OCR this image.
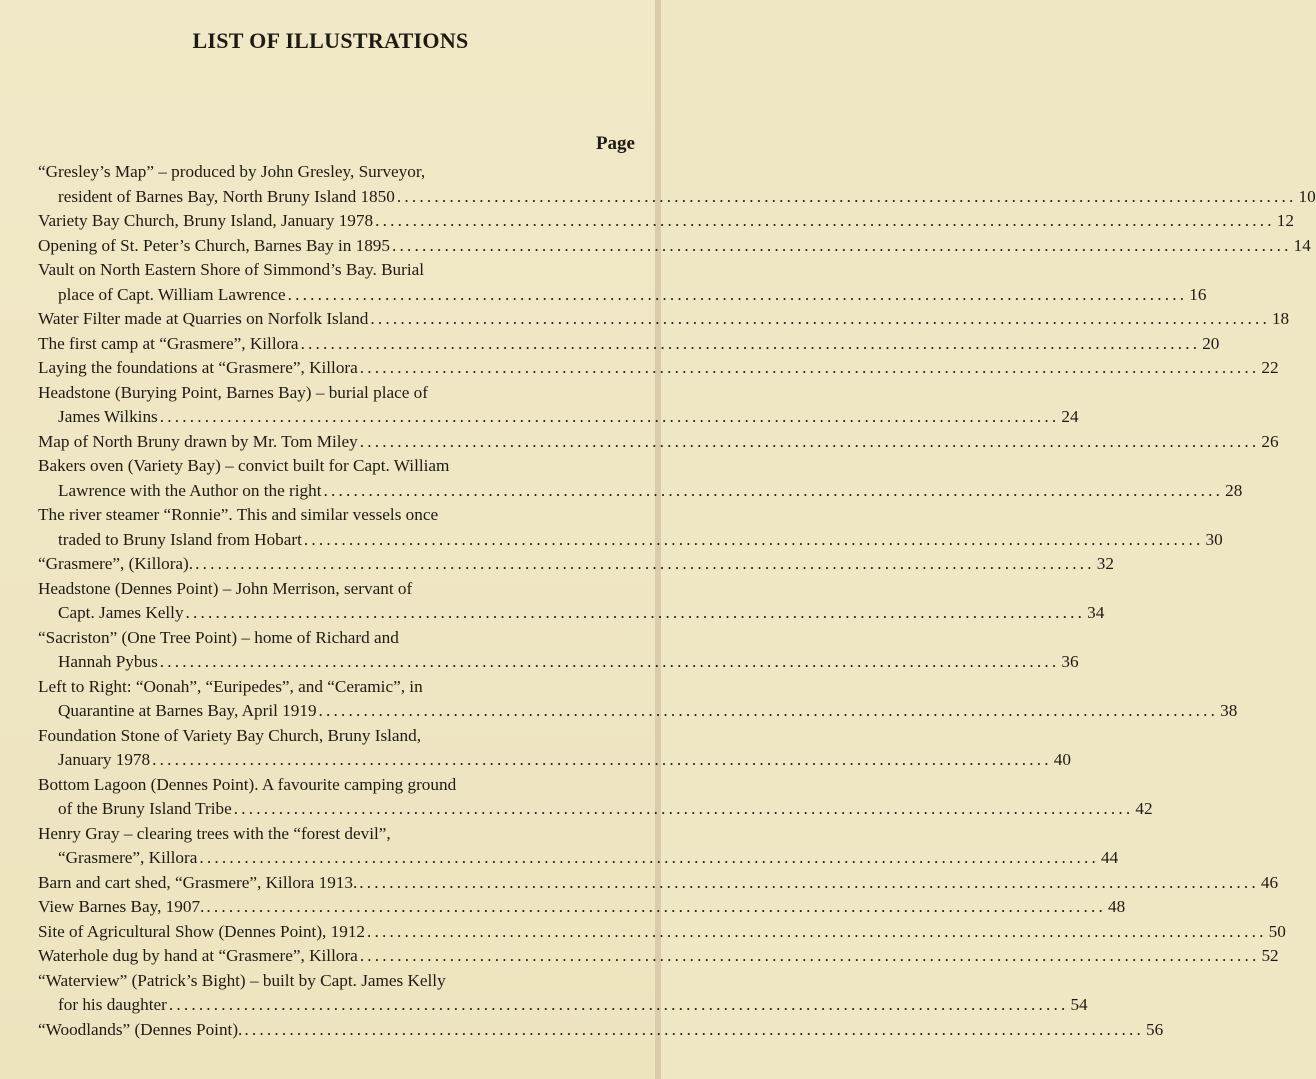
LIST OF ILLUSTRATIONS
Page
“Gresley’s Map” – produced by John Gresley, Surveyor,
resident of Barnes Bay, North Bruny Island 1850 ........................................................................................................................ 10
Variety Bay Church, Bruny Island, January 1978 ........................................................................................................................ 12
Opening of St. Peter’s Church, Barnes Bay in 1895 ........................................................................................................................ 14
Vault on North Eastern Shore of Simmond’s Bay. Burial
place of Capt. William Lawrence ........................................................................................................................ 16
Water Filter made at Quarries on Norfolk Island ........................................................................................................................ 18
The first camp at “Grasmere”, Killora ........................................................................................................................ 20
Laying the foundations at “Grasmere”, Killora ........................................................................................................................ 22
Headstone (Burying Point, Barnes Bay) – burial place of
James Wilkins ........................................................................................................................ 24
Map of North Bruny drawn by Mr. Tom Miley ........................................................................................................................ 26
Bakers oven (Variety Bay) – convict built for Capt. William
Lawrence with the Author on the right ........................................................................................................................ 28
The river steamer “Ronnie”. This and similar vessels once
traded to Bruny Island from Hobart ........................................................................................................................ 30
“Grasmere”, (Killora). ........................................................................................................................ 32
Headstone (Dennes Point) – John Merrison, servant of
Capt. James Kelly ........................................................................................................................ 34
“Sacriston” (One Tree Point) – home of Richard and
Hannah Pybus ........................................................................................................................ 36
Left to Right: “Oonah”, “Euripedes”, and “Ceramic”, in
Quarantine at Barnes Bay, April 1919 ........................................................................................................................ 38
Foundation Stone of Variety Bay Church, Bruny Island,
January 1978 ........................................................................................................................ 40
Bottom Lagoon (Dennes Point). A favourite camping ground
of the Bruny Island Tribe ........................................................................................................................ 42
Henry Gray – clearing trees with the “forest devil”,
“Grasmere”, Killora ........................................................................................................................ 44
Barn and cart shed, “Grasmere”, Killora 1913. ........................................................................................................................ 46
View Barnes Bay, 1907. ........................................................................................................................ 48
Site of Agricultural Show (Dennes Point), 1912 ........................................................................................................................ 50
Waterhole dug by hand at “Grasmere”, Killora ........................................................................................................................ 52
“Waterview” (Patrick’s Bight) – built by Capt. James Kelly
for his daughter ........................................................................................................................ 54
“Woodlands” (Dennes Point). ........................................................................................................................ 56
